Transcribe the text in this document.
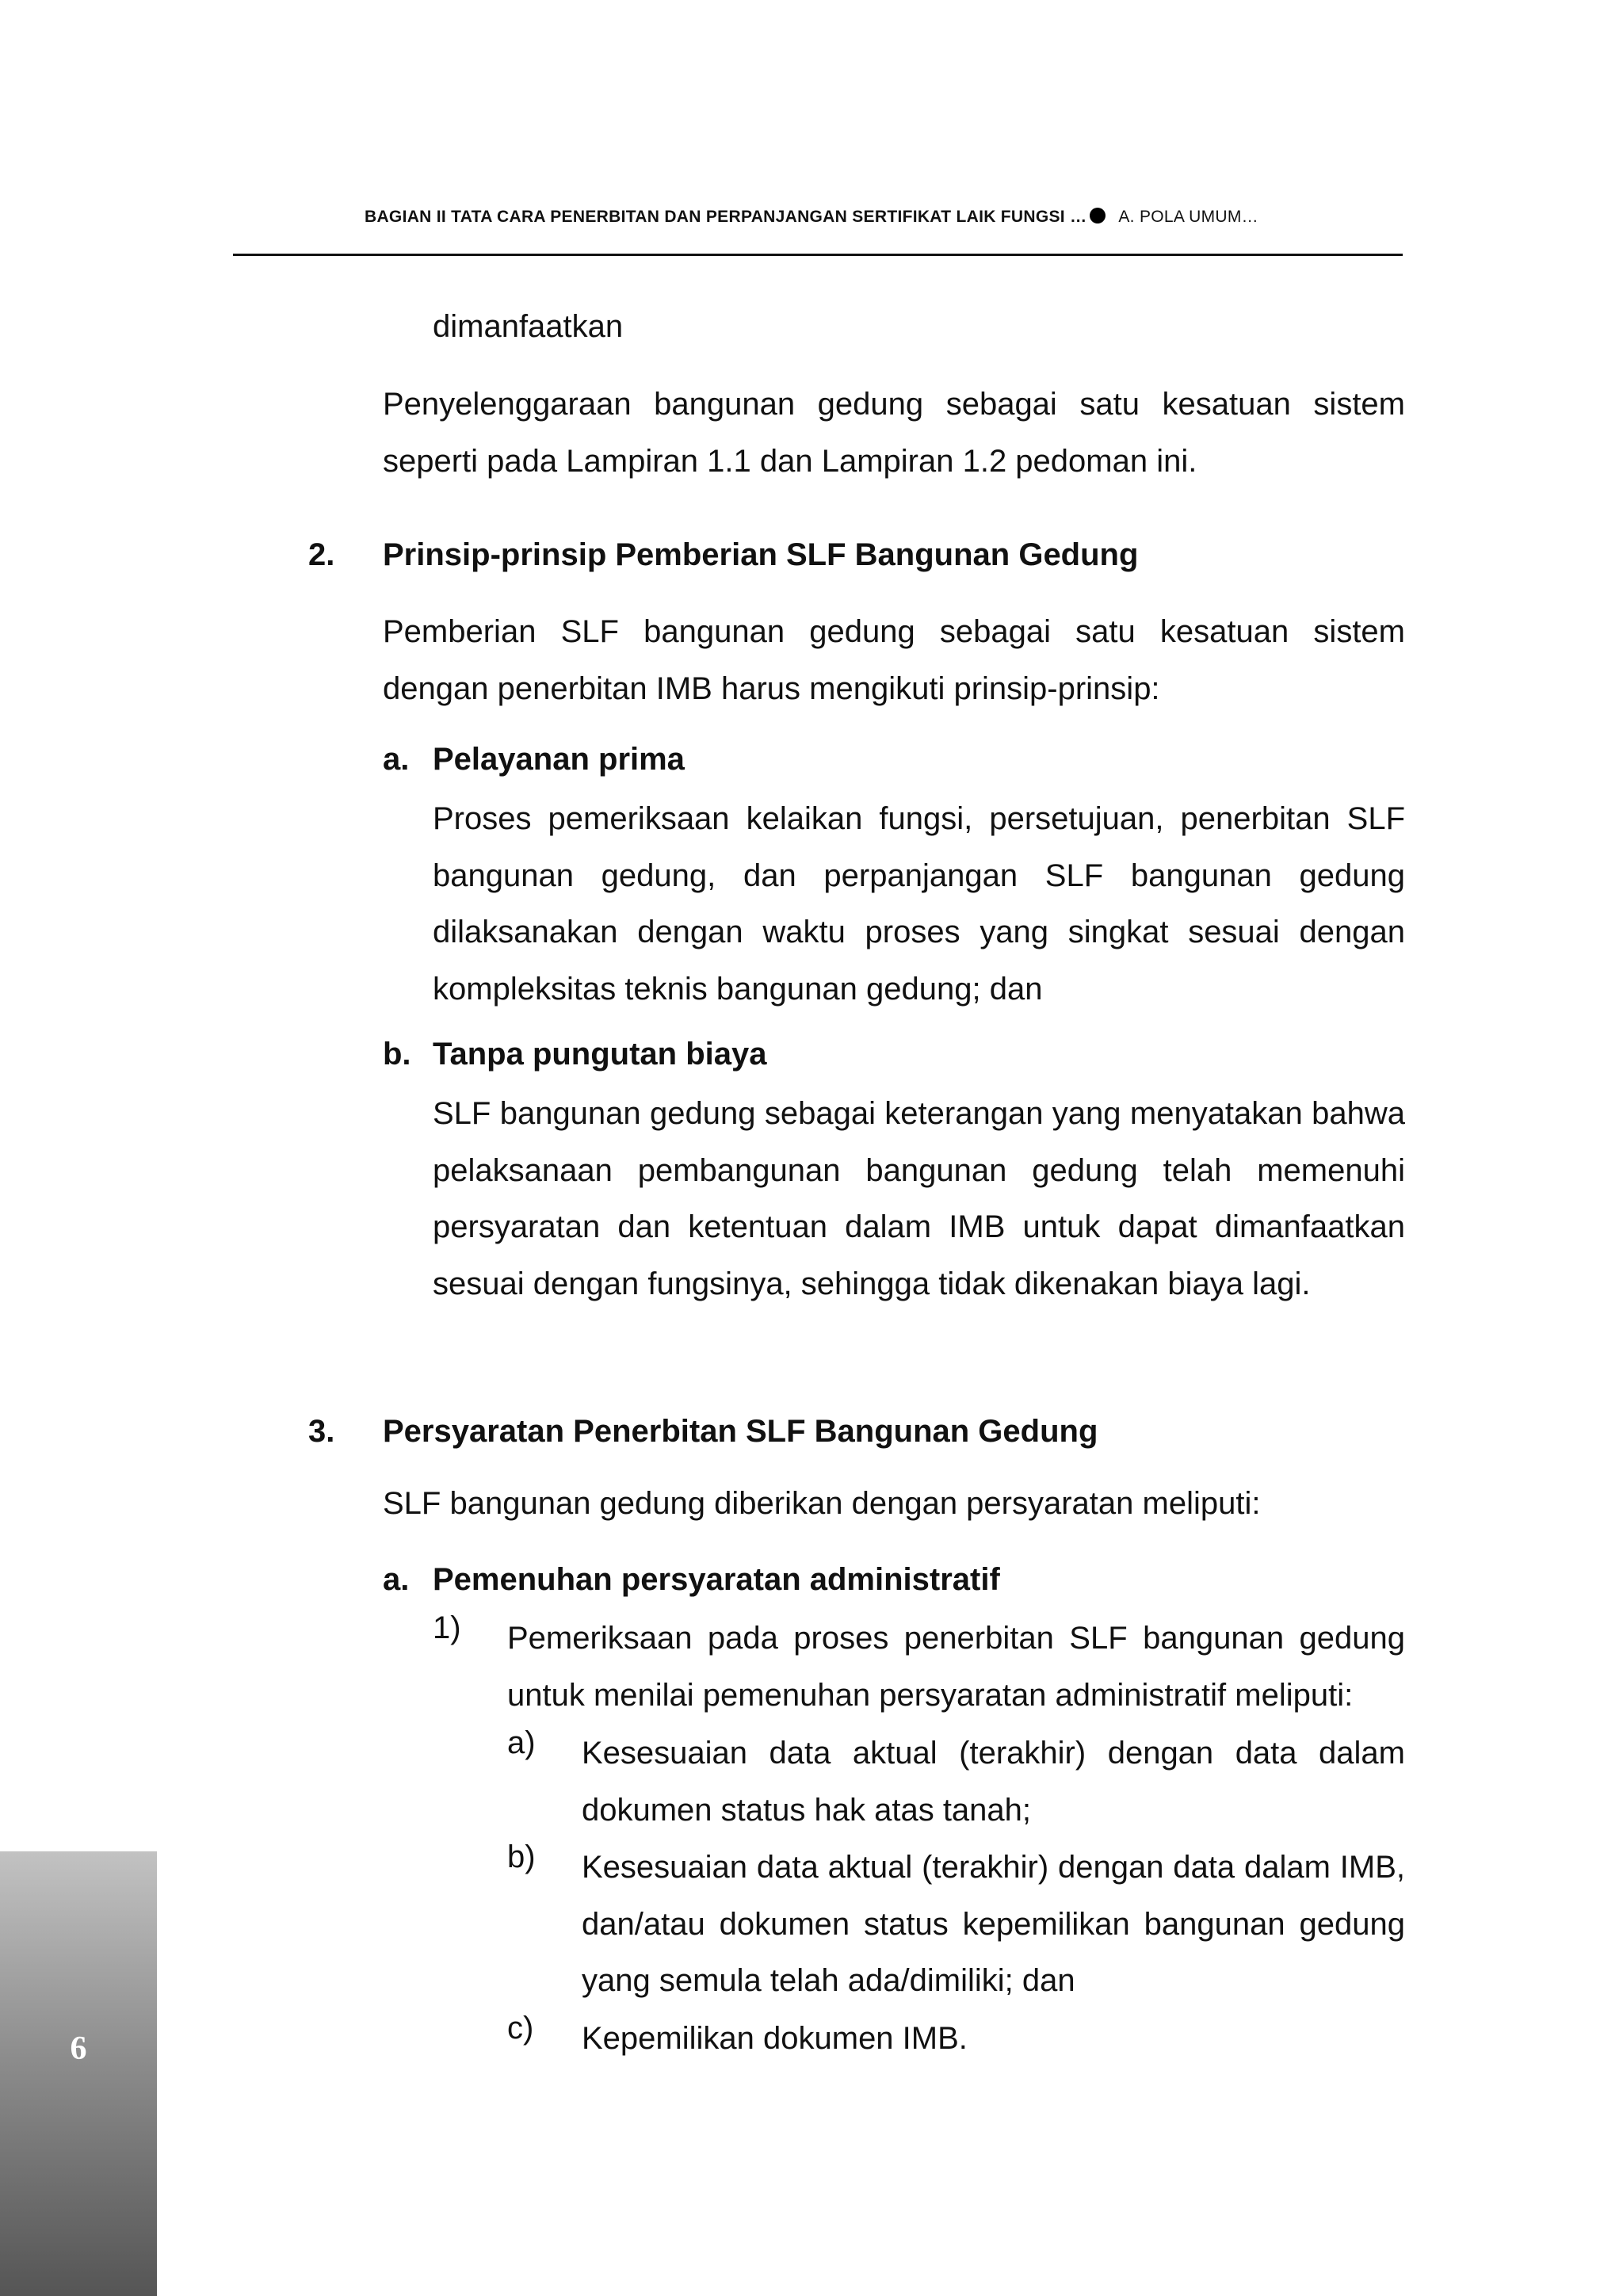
BAGIAN II TATA CARA PENERBITAN DAN PERPANJANGAN SERTIFIKAT LAIK FUNGSI … A. POLA UMUM…
dimanfaatkan
Penyelenggaraan bangunan gedung sebagai satu kesatuan sistem seperti pada Lampiran 1.1 dan Lampiran 1.2 pedoman ini.
2. Prinsip-prinsip Pemberian SLF Bangunan Gedung
Pemberian SLF bangunan gedung sebagai satu kesatuan sistem dengan penerbitan IMB harus mengikuti prinsip-prinsip:
a. Pelayanan prima
Proses pemeriksaan kelaikan fungsi, persetujuan, penerbitan SLF bangunan gedung, dan perpanjangan SLF bangunan gedung dilaksanakan dengan waktu proses yang singkat sesuai dengan kompleksitas teknis bangunan gedung; dan
b. Tanpa pungutan biaya
SLF bangunan gedung sebagai keterangan yang menyatakan bahwa pelaksanaan pembangunan bangunan gedung telah memenuhi persyaratan dan ketentuan dalam IMB untuk dapat dimanfaatkan sesuai dengan fungsinya, sehingga tidak dikenakan biaya lagi.
3. Persyaratan Penerbitan SLF Bangunan Gedung
SLF bangunan gedung diberikan dengan persyaratan meliputi:
a. Pemenuhan persyaratan administratif
1) Pemeriksaan pada proses penerbitan SLF bangunan gedung untuk menilai pemenuhan persyaratan administratif meliputi:
a) Kesesuaian data aktual (terakhir) dengan data dalam dokumen status hak atas tanah;
b) Kesesuaian data aktual (terakhir) dengan data dalam IMB, dan/atau dokumen status kepemilikan bangunan gedung yang semula telah ada/dimiliki; dan
c) Kepemilikan dokumen IMB.
6
